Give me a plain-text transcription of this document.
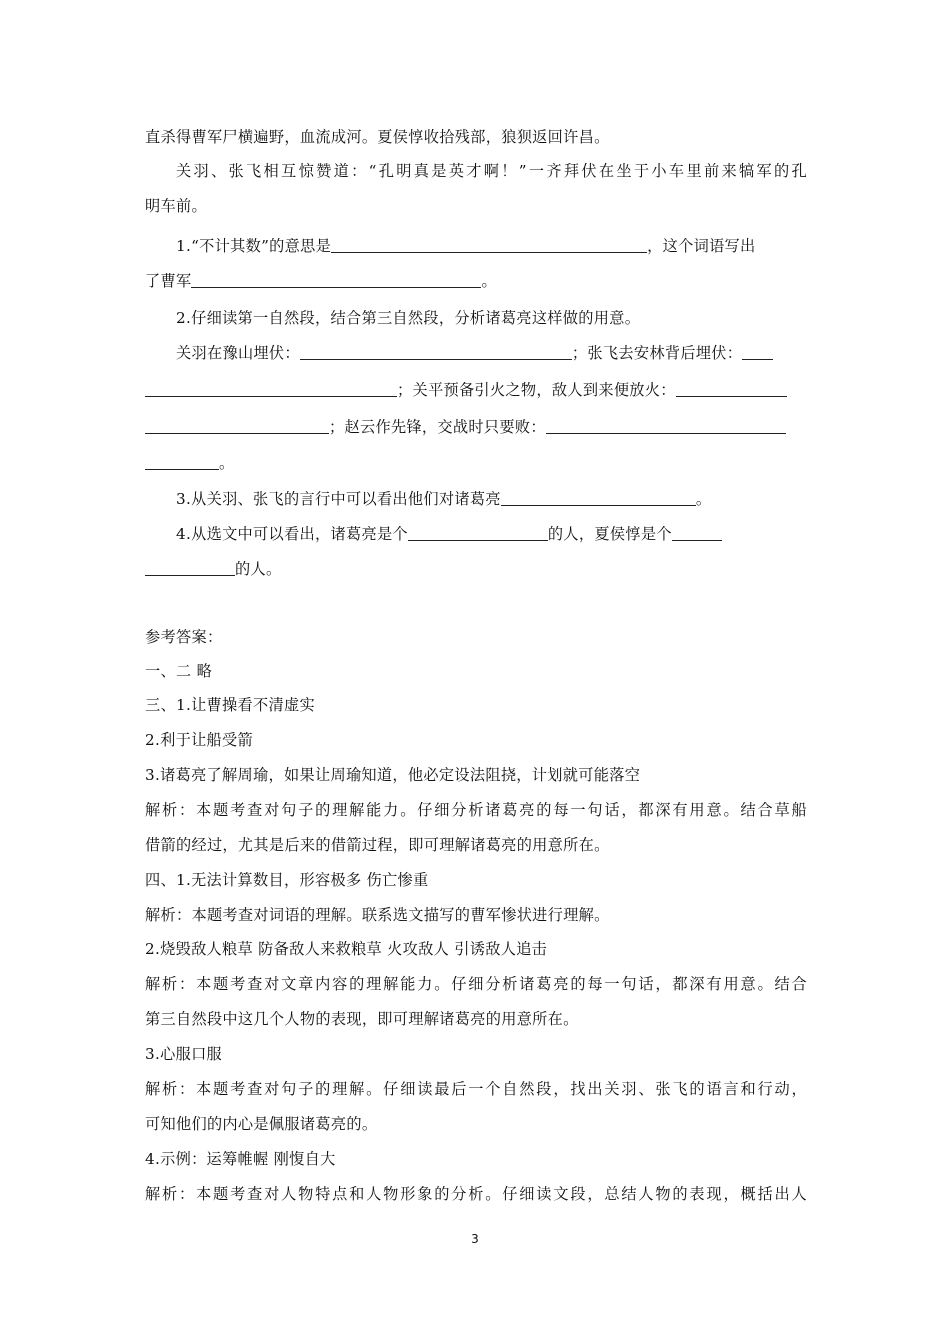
直杀得曹军尸横遍野，血流成河。夏侯惇收拾残部，狼狈返回许昌。
关羽、张飞相互惊赞道：“孔明真是英才啊！”一齐拜伏在坐于小车里前来犒军的孔
明车前。
1.“不计其数”的意思是	，这个词语写出
了曹军	。
2.仔细读第一自然段，结合第三自然段，分析诸葛亮这样做的用意。
关羽在豫山埋伏：	；张飞去安林背后埋伏：
；关平预备引火之物，敌人到来便放火：
；赵云作先锋，交战时只要败：
。
3.从关羽、张飞的言行中可以看出他们对诸葛亮	。
4.从选文中可以看出，诸葛亮是个	的人，夏侯惇是个
的人。
参考答案：
一、二 略
三、1.让曹操看不清虚实
2.利于让船受箭
3.诸葛亮了解周瑜，如果让周瑜知道，他必定设法阻挠，计划就可能落空
解析：本题考查对句子的理解能力。仔细分析诸葛亮的每一句话，都深有用意。结合草船
借箭的经过，尤其是后来的借箭过程，即可理解诸葛亮的用意所在。
四、1.无法计算数目，形容极多 伤亡惨重
解析：本题考查对词语的理解。联系选文描写的曹军惨状进行理解。
2.烧毁敌人粮草 防备敌人来救粮草 火攻敌人 引诱敌人追击
解析：本题考查对文章内容的理解能力。仔细分析诸葛亮的每一句话，都深有用意。结合
第三自然段中这几个人物的表现，即可理解诸葛亮的用意所在。
3.心服口服
解析：本题考查对句子的理解。仔细读最后一个自然段，找出关羽、张飞的语言和行动，
可知他们的内心是佩服诸葛亮的。
4.示例：运筹帷幄 刚愎自大
解析：本题考查对人物特点和人物形象的分析。仔细读文段，总结人物的表现，概括出人
3
